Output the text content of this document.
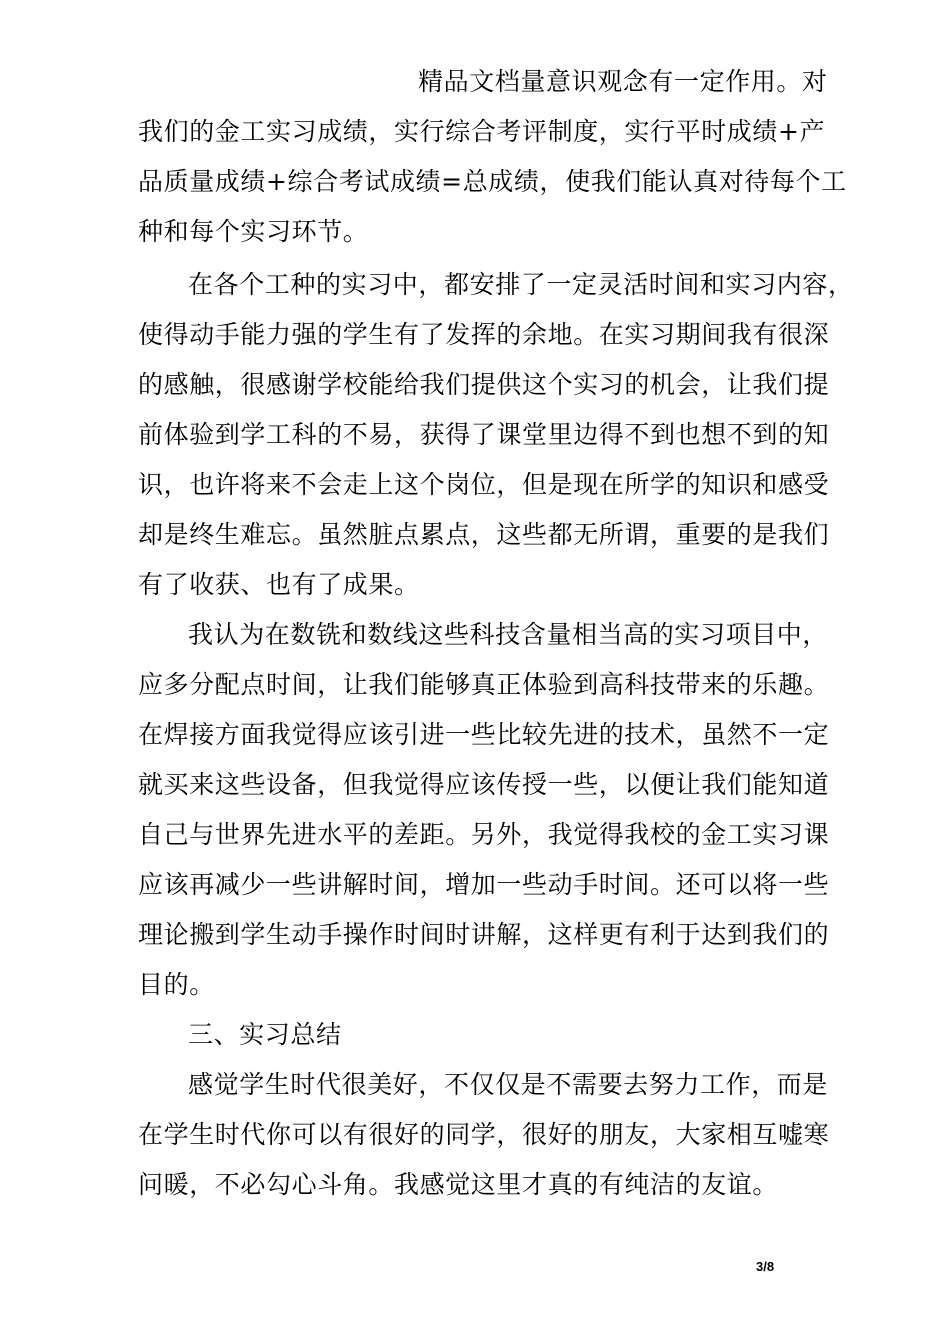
精品文档量意识观念有一定作用。对
我们的金工实习成绩，实行综合考评制度，实行平时成绩+产
品质量成绩+综合考试成绩=总成绩，使我们能认真对待每个工
种和每个实习环节。
在各个工种的实习中，都安排了一定灵活时间和实习内容，
使得动手能力强的学生有了发挥的余地。在实习期间我有很深
的感触，很感谢学校能给我们提供这个实习的机会，让我们提
前体验到学工科的不易，获得了课堂里边得不到也想不到的知
识，也许将来不会走上这个岗位，但是现在所学的知识和感受
却是终生难忘。虽然脏点累点，这些都无所谓，重要的是我们
有了收获、也有了成果。
我认为在数铣和数线这些科技含量相当高的实习项目中，
应多分配点时间，让我们能够真正体验到高科技带来的乐趣。
在焊接方面我觉得应该引进一些比较先进的技术，虽然不一定
就买来这些设备，但我觉得应该传授一些，以便让我们能知道
自己与世界先进水平的差距。另外，我觉得我校的金工实习课
应该再减少一些讲解时间，增加一些动手时间。还可以将一些
理论搬到学生动手操作时间时讲解，这样更有利于达到我们的
目的。
三、实习总结
感觉学生时代很美好，不仅仅是不需要去努力工作，而是
在学生时代你可以有很好的同学，很好的朋友，大家相互嘘寒
问暖，不必勾心斗角。我感觉这里才真的有纯洁的友谊。
3/8
